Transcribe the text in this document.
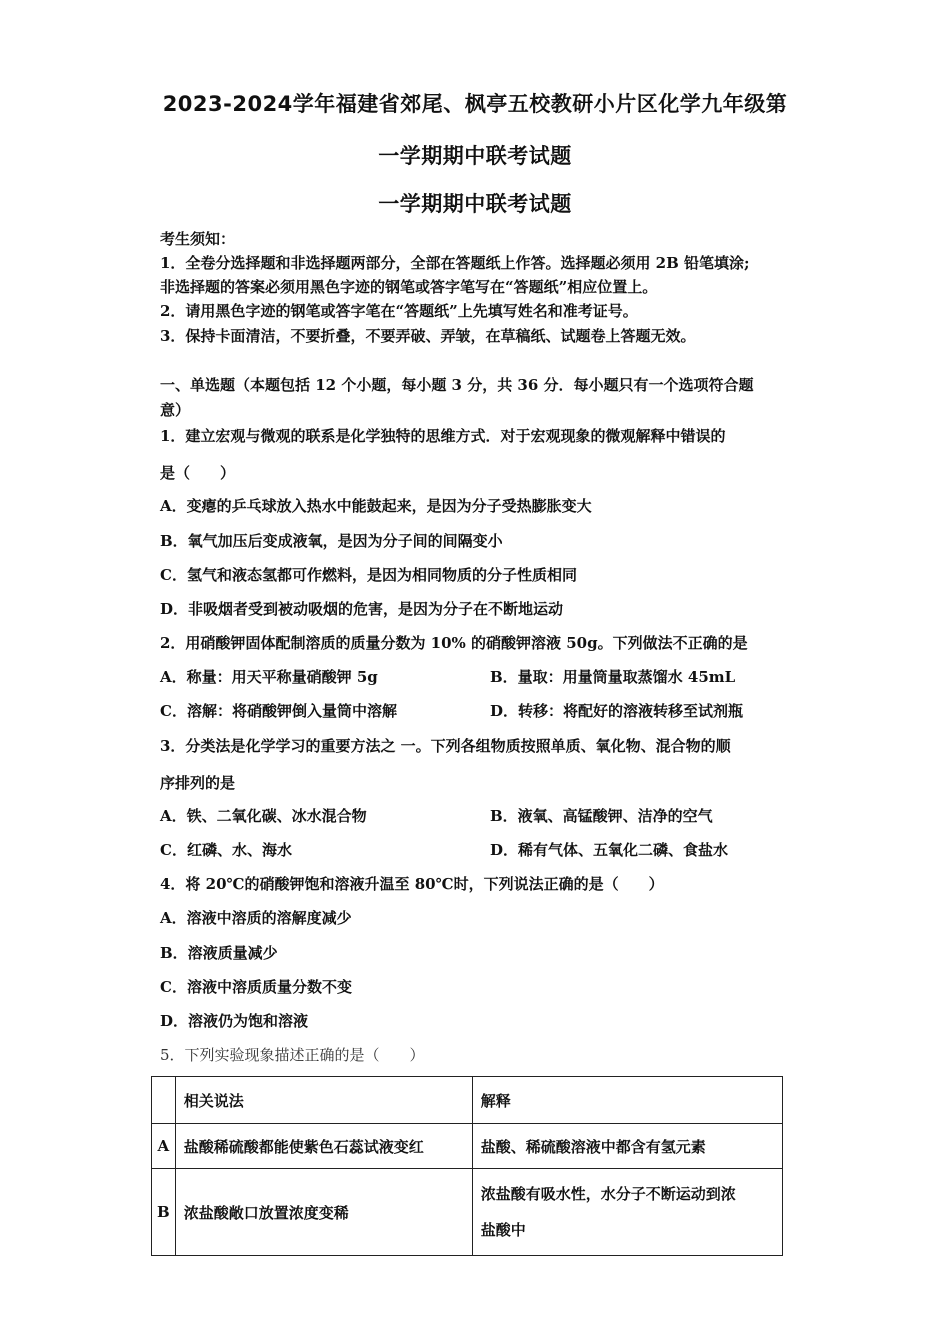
2023-2024学年福建省郊尾、枫亭五校教研小片区化学九年级第
一学期期中联考试题
一学期期中联考试题
考生须知：
1．全卷分选择题和非选择题两部分，全部在答题纸上作答。选择题必须用 2B 铅笔填涂;
非选择题的答案必须用黑色字迹的钢笔或答字笔写在“答题纸”相应位置上。
2．请用黑色字迹的钢笔或答字笔在“答题纸”上先填写姓名和准考证号。
3．保持卡面清洁，不要折叠，不要弄破、弄皱，在草稿纸、试题卷上答题无效。
一、单选题（本题包括 12 个小题，每小题 3 分，共 36 分．每小题只有一个选项符合题
意）
1．建立宏观与微观的联系是化学独特的思维方式．对于宏观现象的微观解释中错误的
是（　　）
A．变瘪的乒乓球放入热水中能鼓起来，是因为分子受热膨胀变大
B．氧气加压后变成液氧，是因为分子间的间隔变小
C．氢气和液态氢都可作燃料，是因为相同物质的分子性质相同
D．非吸烟者受到被动吸烟的危害，是因为分子在不断地运动
2．用硝酸钾固体配制溶质的质量分数为 10% 的硝酸钾溶液 50g。下列做法不正确的是
A．称量：用天平称量硝酸钾 5g	B．量取：用量筒量取蒸馏水 45mL
C．溶解：将硝酸钾倒入量筒中溶解	D．转移：将配好的溶液转移至试剂瓶
3．分类法是化学学习的重要方法之 一。下列各组物质按照单质、氧化物、混合物的顺
序排列的是
A．铁、二氧化碳、冰水混合物	B．液氧、高锰酸钾、洁净的空气
C．红磷、水、海水	D．稀有气体、五氧化二磷、食盐水
4．将 20℃的硝酸钾饱和溶液升温至 80℃时，下列说法正确的是（　　）
A．溶液中溶质的溶解度减少
B．溶液质量减少
C．溶液中溶质质量分数不变
D．溶液仍为饱和溶液
5．下列实验现象描述正确的是（　　）
	相关说法	解释
A	盐酸稀硫酸都能使紫色石蕊试液变红	盐酸、稀硫酸溶液中都含有氢元素
B	浓盐酸敞口放置浓度变稀	浓盐酸有吸水性，水分子不断运动到浓
盐酸中
